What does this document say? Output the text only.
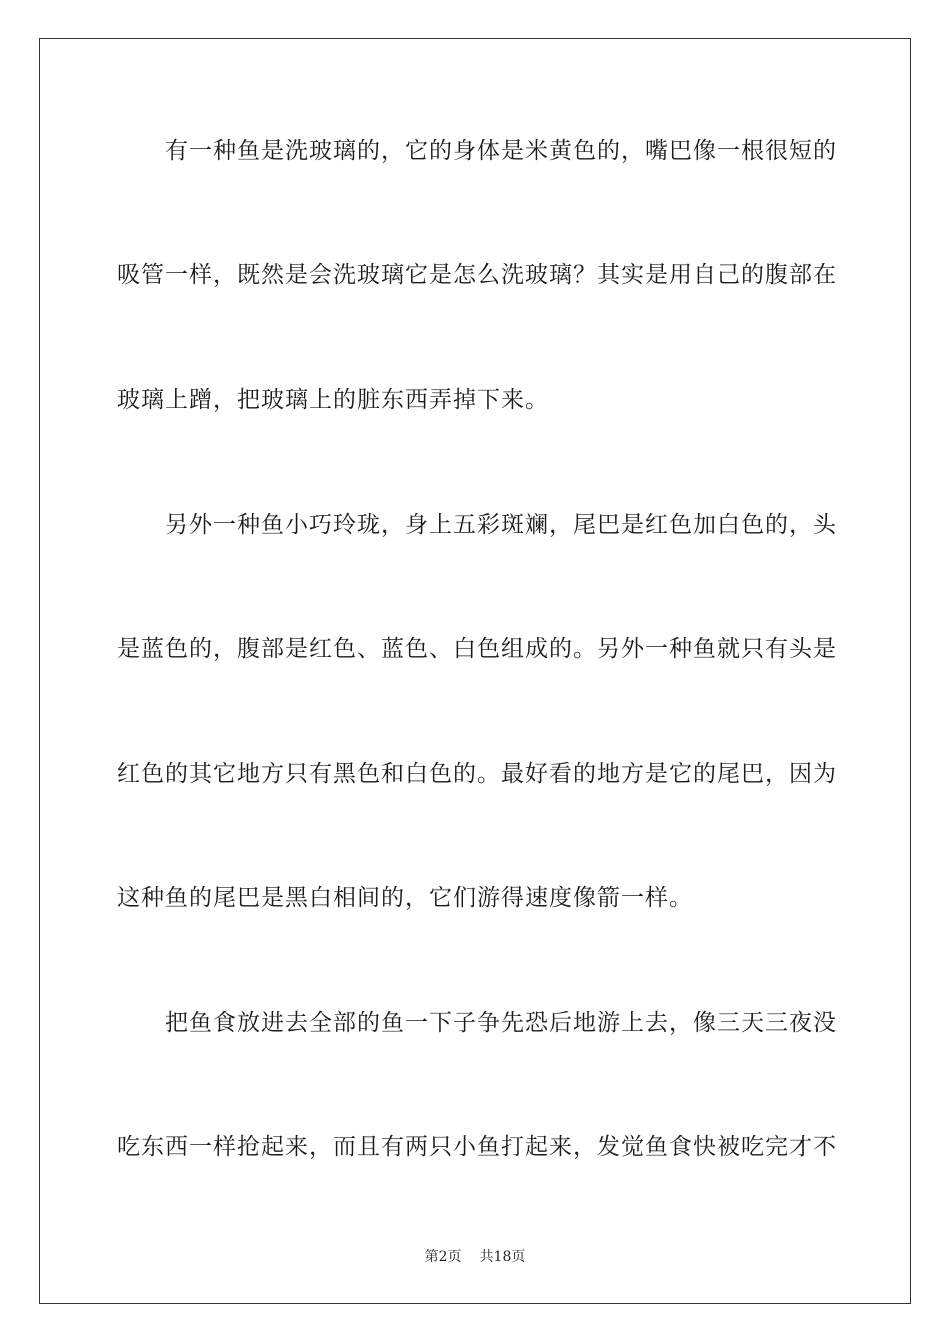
有一种鱼是洗玻璃的，它的身体是米黄色的，嘴巴像一根很短的
吸管一样，既然是会洗玻璃它是怎么洗玻璃？其实是用自己的腹部在
玻璃上蹭，把玻璃上的脏东西弄掉下来。
另外一种鱼小巧玲珑，身上五彩斑斓，尾巴是红色加白色的，头
是蓝色的，腹部是红色、蓝色、白色组成的。另外一种鱼就只有头是
红色的其它地方只有黑色和白色的。最好看的地方是它的尾巴，因为
这种鱼的尾巴是黑白相间的，它们游得速度像箭一样。
把鱼食放进去全部的鱼一下子争先恐后地游上去，像三天三夜没
吃东西一样抢起来，而且有两只小鱼打起来，发觉鱼食快被吃完才不
第2页 共18页
